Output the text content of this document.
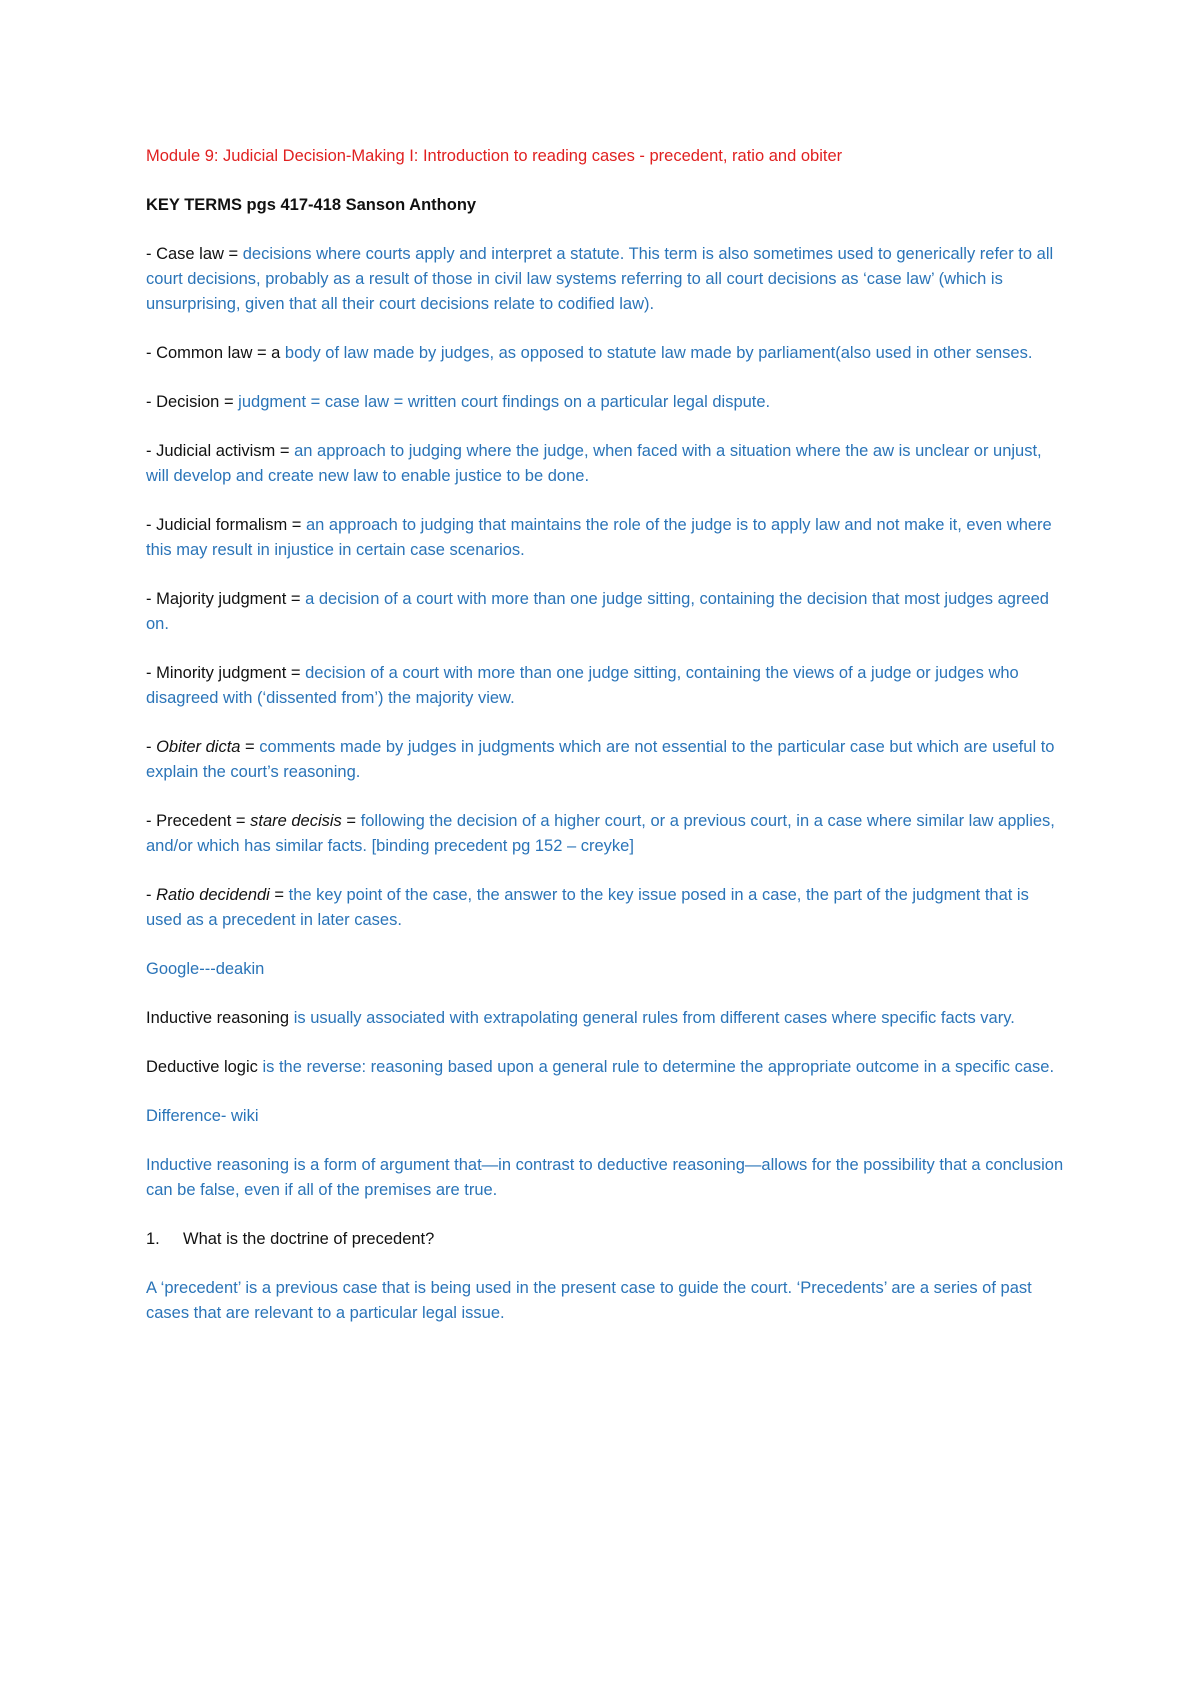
Module 9: Judicial Decision-Making I: Introduction to reading cases - precedent, ratio and obiter

KEY TERMS pgs 417-418 Sanson Anthony

- Case law = decisions where courts apply and interpret a statute. This term is also sometimes used to generically refer to all court decisions, probably as a result of those in civil law systems referring to all court decisions as ‘case law’ (which is unsurprising, given that all their court decisions relate to codified law).

- Common law = a body of law made by judges, as opposed to statute law made by parliament(also used in other senses.

- Decision = judgment = case law = written court findings on a particular legal dispute.

- Judicial activism = an approach to judging where the judge, when faced with a situation where the aw is unclear or unjust, will develop and create new law to enable justice to be done.

- Judicial formalism = an approach to judging that maintains the role of the judge is to apply law and not make it, even where this may result in injustice in certain case scenarios.

- Majority judgment = a decision of a court with more than one judge sitting, containing the decision that most judges agreed on.

- Minority judgment = decision of a court with more than one judge sitting, containing the views of a judge or judges who disagreed with (‘dissented from’) the majority view.

- Obiter dicta = comments made by judges in judgments which are not essential to the particular case but which are useful to explain the court’s reasoning.

- Precedent = stare decisis = following the decision of a higher court, or a previous court, in a case where similar law applies, and/or which has similar facts. [binding precedent pg 152 – creyke]

- Ratio decidendi = the key point of the case, the answer to the key issue posed in a case, the part of the judgment that is used as a precedent in later cases.

Google---deakin

Inductive reasoning is usually associated with extrapolating general rules from different cases where specific facts vary.

Deductive logic is the reverse: reasoning based upon a general rule to determine the appropriate outcome in a specific case.

Difference- wiki

Inductive reasoning is a form of argument that—in contrast to deductive reasoning—allows for the possibility that a conclusion can be false, even if all of the premises are true.

1.	What is the doctrine of precedent?

A ‘precedent’ is a previous case that is being used in the present case to guide the court. ‘Precedents’ are a series of past cases that are relevant to a particular legal issue.
